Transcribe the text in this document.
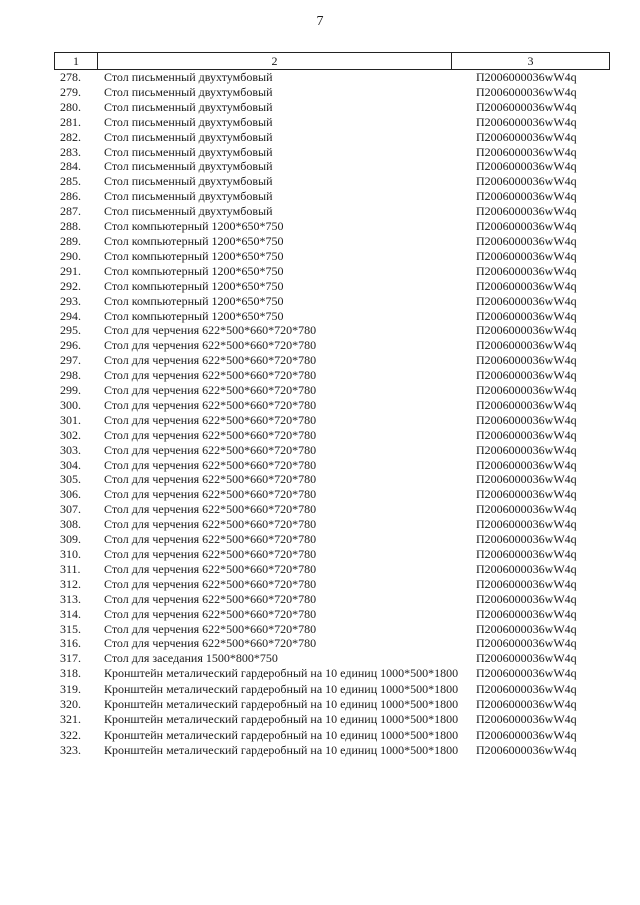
7
1	2	3
278.	Стол письменный двухтумбовый	П2006000036wW4q
279.	Стол письменный двухтумбовый	П2006000036wW4q
280.	Стол письменный двухтумбовый	П2006000036wW4q
281.	Стол письменный двухтумбовый	П2006000036wW4q
282.	Стол письменный двухтумбовый	П2006000036wW4q
283.	Стол письменный двухтумбовый	П2006000036wW4q
284.	Стол письменный двухтумбовый	П2006000036wW4q
285.	Стол письменный двухтумбовый	П2006000036wW4q
286.	Стол письменный двухтумбовый	П2006000036wW4q
287.	Стол письменный двухтумбовый	П2006000036wW4q
288.	Стол компьютерный 1200*650*750	П2006000036wW4q
289.	Стол компьютерный 1200*650*750	П2006000036wW4q
290.	Стол компьютерный 1200*650*750	П2006000036wW4q
291.	Стол компьютерный 1200*650*750	П2006000036wW4q
292.	Стол компьютерный 1200*650*750	П2006000036wW4q
293.	Стол компьютерный 1200*650*750	П2006000036wW4q
294.	Стол компьютерный 1200*650*750	П2006000036wW4q
295.	Стол для черчения 622*500*660*720*780	П2006000036wW4q
296.	Стол для черчения 622*500*660*720*780	П2006000036wW4q
297.	Стол для черчения 622*500*660*720*780	П2006000036wW4q
298.	Стол для черчения 622*500*660*720*780	П2006000036wW4q
299.	Стол для черчения 622*500*660*720*780	П2006000036wW4q
300.	Стол для черчения 622*500*660*720*780	П2006000036wW4q
301.	Стол для черчения 622*500*660*720*780	П2006000036wW4q
302.	Стол для черчения 622*500*660*720*780	П2006000036wW4q
303.	Стол для черчения 622*500*660*720*780	П2006000036wW4q
304.	Стол для черчения 622*500*660*720*780	П2006000036wW4q
305.	Стол для черчения 622*500*660*720*780	П2006000036wW4q
306.	Стол для черчения 622*500*660*720*780	П2006000036wW4q
307.	Стол для черчения 622*500*660*720*780	П2006000036wW4q
308.	Стол для черчения 622*500*660*720*780	П2006000036wW4q
309.	Стол для черчения 622*500*660*720*780	П2006000036wW4q
310.	Стол для черчения 622*500*660*720*780	П2006000036wW4q
311.	Стол для черчения 622*500*660*720*780	П2006000036wW4q
312.	Стол для черчения 622*500*660*720*780	П2006000036wW4q
313.	Стол для черчения 622*500*660*720*780	П2006000036wW4q
314.	Стол для черчения 622*500*660*720*780	П2006000036wW4q
315.	Стол для черчения 622*500*660*720*780	П2006000036wW4q
316.	Стол для черчения 622*500*660*720*780	П2006000036wW4q
317.	Стол для заседания 1500*800*750	П2006000036wW4q
318.	Кронштейн металический гардеробный на 10 единиц 1000*500*1800	П2006000036wW4q
319.	Кронштейн металический гардеробный на 10 единиц 1000*500*1800	П2006000036wW4q
320.	Кронштейн металический гардеробный на 10 единиц 1000*500*1800	П2006000036wW4q
321.	Кронштейн металический гардеробный на 10 единиц 1000*500*1800	П2006000036wW4q
322.	Кронштейн металический гардеробный на 10 единиц 1000*500*1800	П2006000036wW4q
323.	Кронштейн металический гардеробный на 10 единиц 1000*500*1800	П2006000036wW4q
